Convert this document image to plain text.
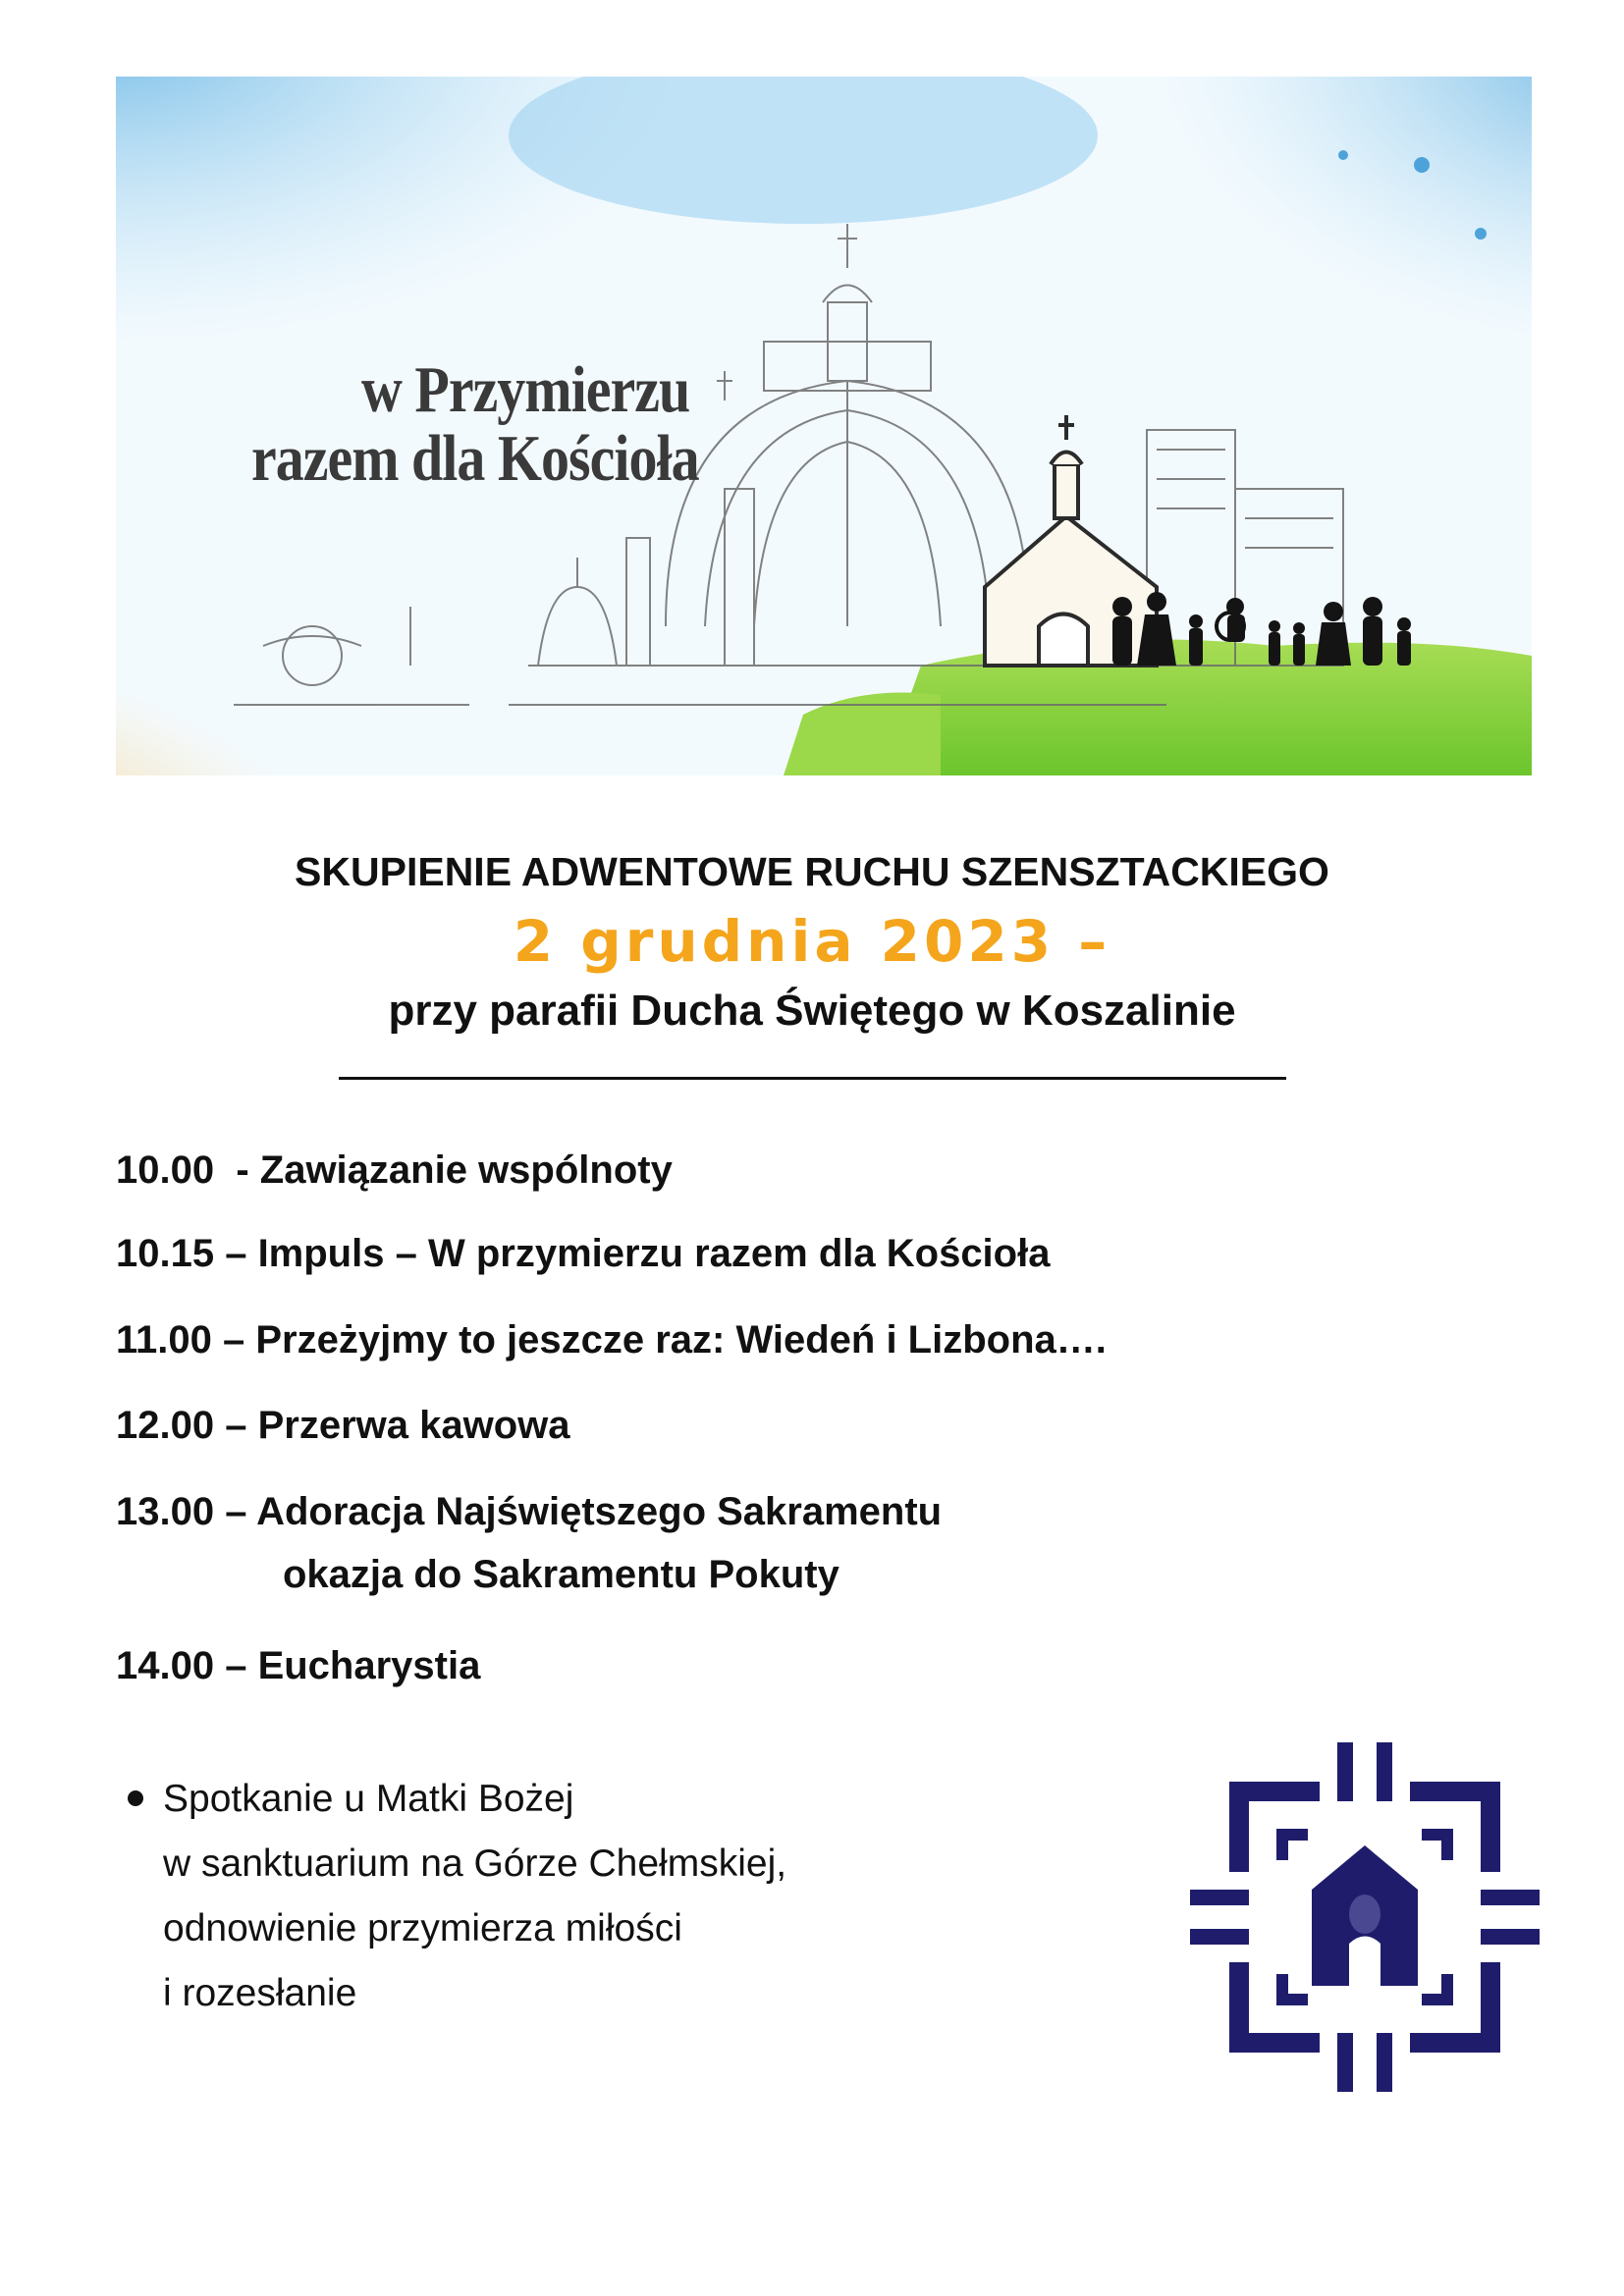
w Przymierzu
razem dla Kościoła
SKUPIENIE ADWENTOWE RUCHU SZENSZTACKIEGO
2 grudnia 2023 –
przy parafii Ducha Świętego w Koszalinie
10.00  - Zawiązanie wspólnoty
10.15 – Impuls – W przymierzu razem dla Kościoła
11.00 – Przeżyjmy to jeszcze raz: Wiedeń i Lizbona….
12.00 – Przerwa kawowa
13.00 – Adoracja Najświętszego Sakramentu
okazja do Sakramentu Pokuty
14.00 – Eucharystia
Spotkanie u Matki Bożej
w sanktuarium na Górze Chełmskiej,
odnowienie przymierza miłości
i rozesłanie
